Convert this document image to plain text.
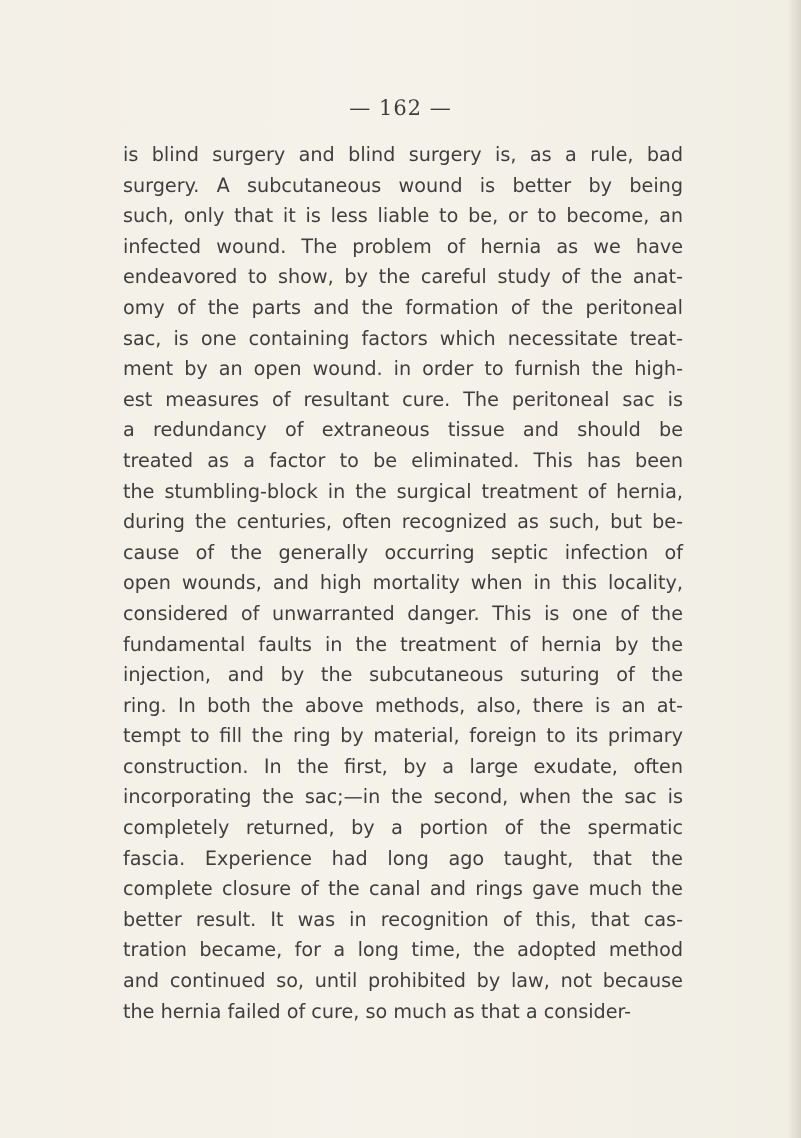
— 162 —
is blind surgery and blind surgery is, as a rule, bad
surgery. A subcutaneous wound is better by being
such, only that it is less liable to be, or to become, an
infected wound. The problem of hernia as we have
endeavored to show, by the careful study of the anat-
omy of the parts and the formation of the peritoneal
sac, is one containing factors which necessitate treat-
ment by an open wound. in order to furnish the high-
est measures of resultant cure. The peritoneal sac is
a redundancy of extraneous tissue and should be
treated as a factor to be eliminated. This has been
the stumbling-block in the surgical treatment of hernia,
during the centuries, often recognized as such, but be-
cause of the generally occurring septic infection of
open wounds, and high mortality when in this locality,
considered of unwarranted danger. This is one of the
fundamental faults in the treatment of hernia by the
injection, and by the subcutaneous suturing of the
ring. In both the above methods, also, there is an at-
tempt to fill the ring by material, foreign to its primary
construction. In the first, by a large exudate, often
incorporating the sac;—in the second, when the sac is
completely returned, by a portion of the spermatic
fascia. Experience had long ago taught, that the
complete closure of the canal and rings gave much the
better result. It was in recognition of this, that cas-
tration became, for a long time, the adopted method
and continued so, until prohibited by law, not because
the hernia failed of cure, so much as that a consider-
